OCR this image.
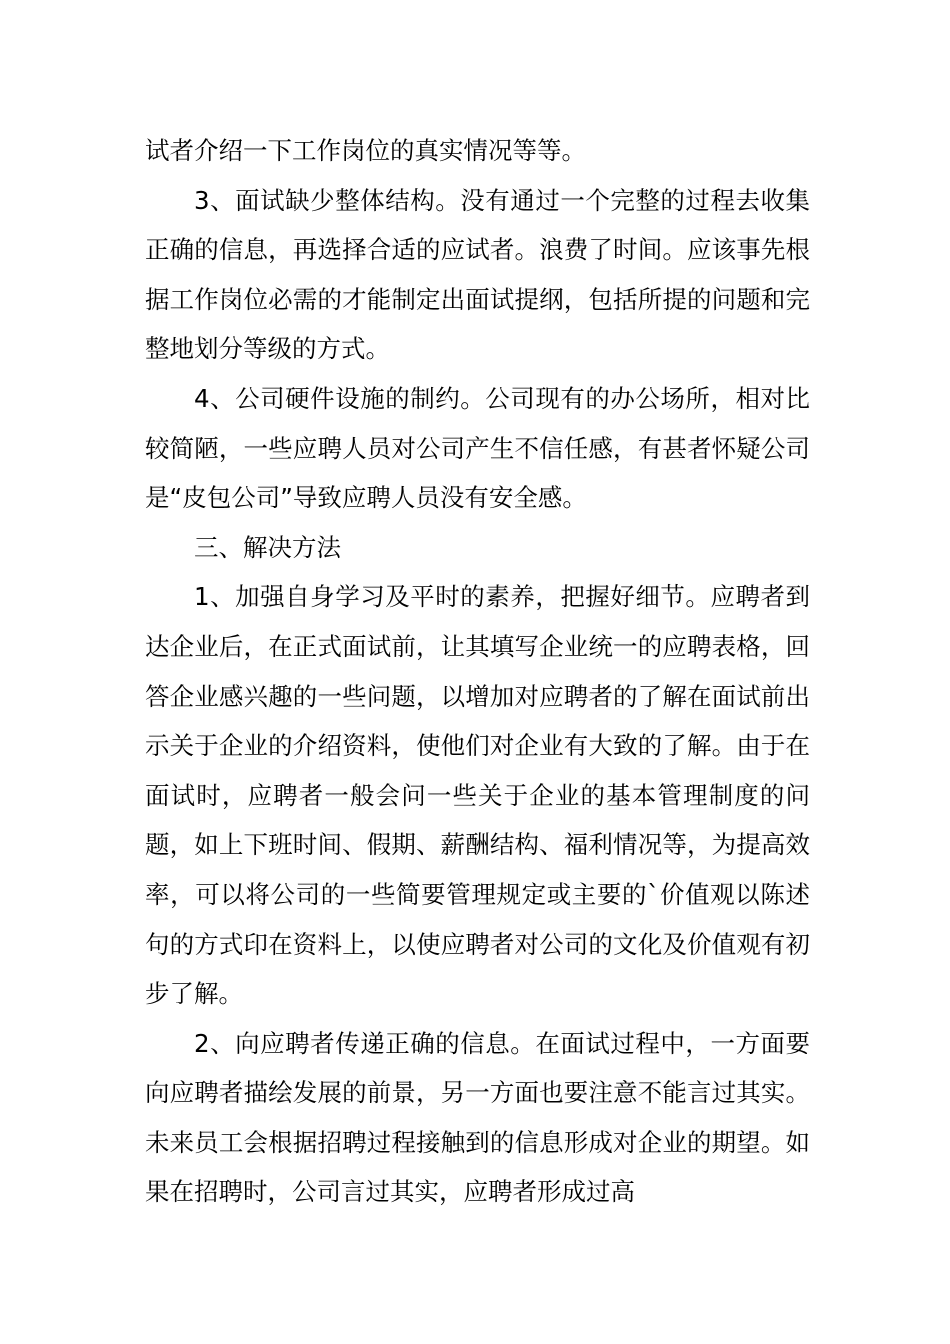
试者介绍一下工作岗位的真实情况等等。

3、面试缺少整体结构。没有通过一个完整的过程去收集正确的信息，再选择合适的应试者。浪费了时间。应该事先根据工作岗位必需的才能制定出面试提纲，包括所提的问题和完整地划分等级的方式。

4、公司硬件设施的制约。公司现有的办公场所，相对比较简陋，一些应聘人员对公司产生不信任感，有甚者怀疑公司是“皮包公司”导致应聘人员没有安全感。

三、解决方法

1、加强自身学习及平时的素养，把握好细节。应聘者到达企业后，在正式面试前，让其填写企业统一的应聘表格，回答企业感兴趣的一些问题，以增加对应聘者的了解在面试前出示关于企业的介绍资料，使他们对企业有大致的了解。由于在面试时，应聘者一般会问一些关于企业的基本管理制度的问题，如上下班时间、假期、薪酬结构、福利情况等，为提高效率，可以将公司的一些简要管理规定或主要的`价值观以陈述句的方式印在资料上，以使应聘者对公司的文化及价值观有初步了解。

2、向应聘者传递正确的信息。在面试过程中，一方面要向应聘者描绘发展的前景，另一方面也要注意不能言过其实。未来员工会根据招聘过程接触到的信息形成对企业的期望。如果在招聘时，公司言过其实，应聘者形成过高
